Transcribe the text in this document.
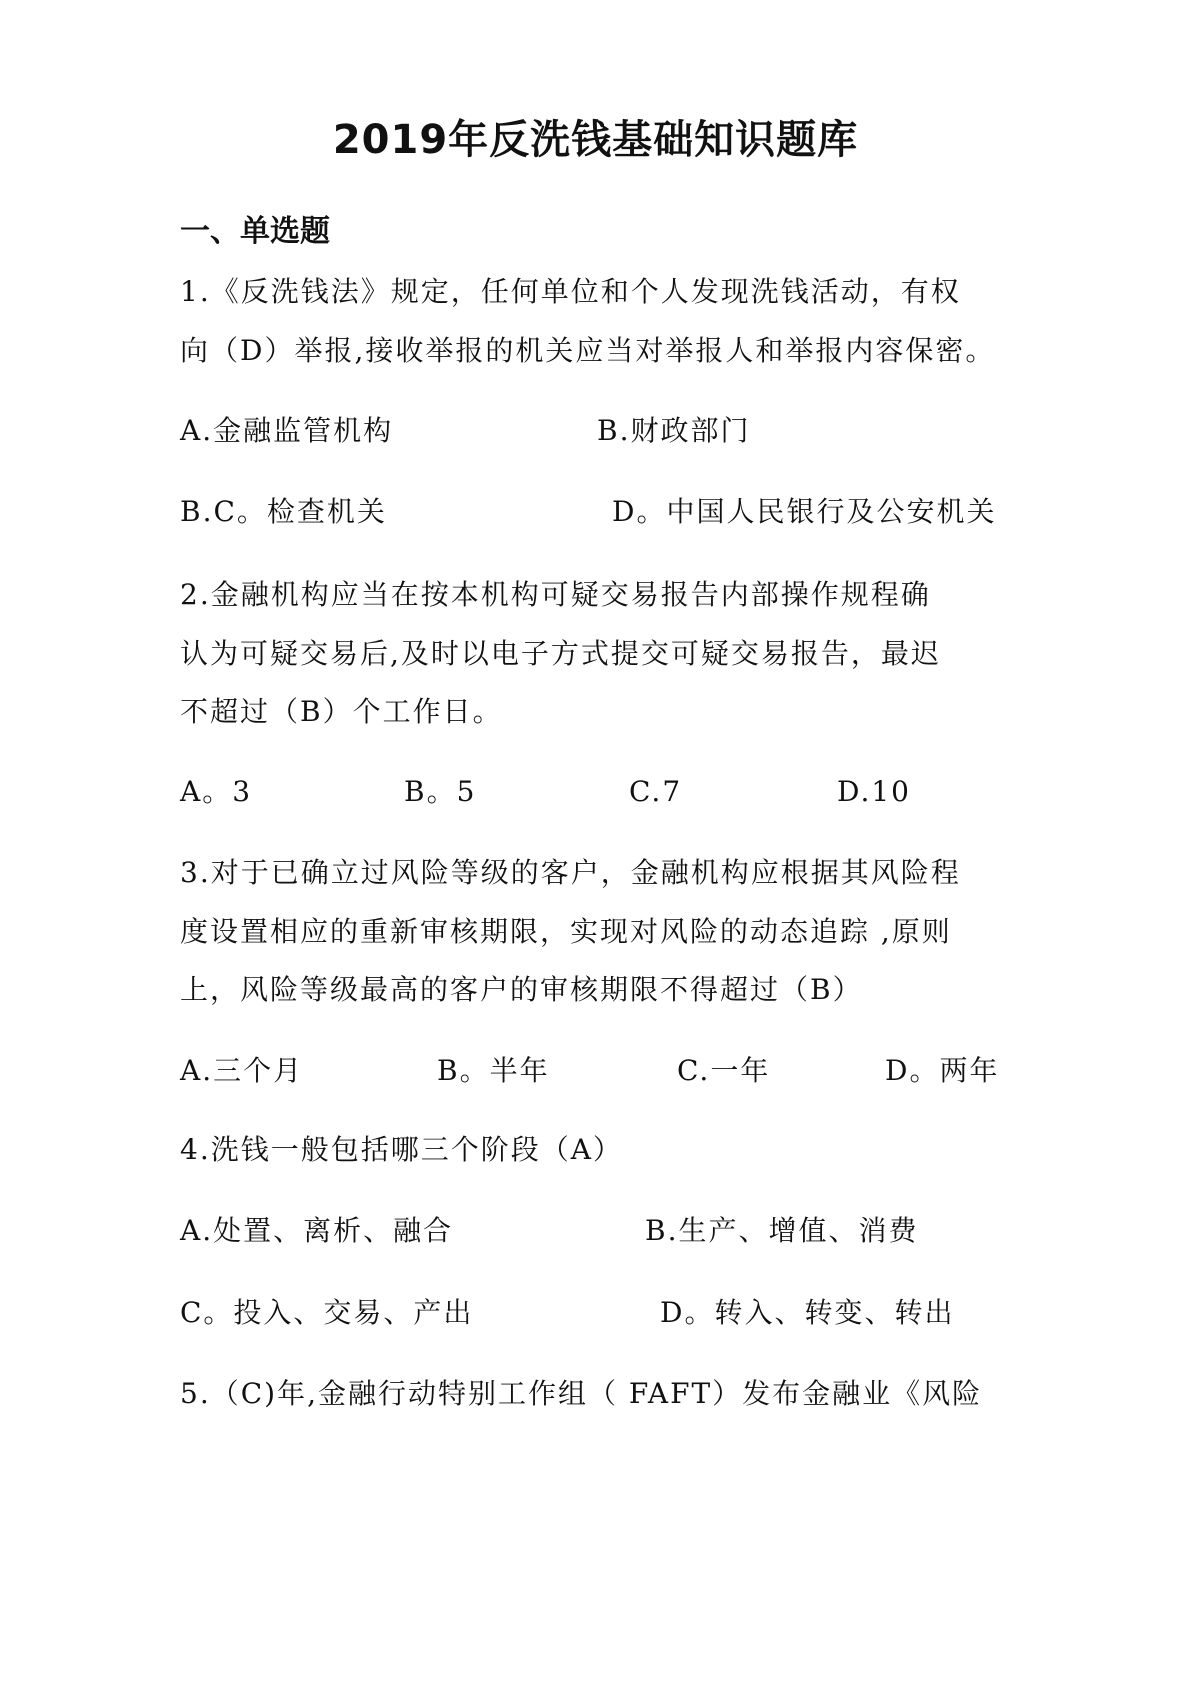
2019年反洗钱基础知识题库
一、单选题
1.《反洗钱法》规定，任何单位和个人发现洗钱活动，有权
向（D）举报,接收举报的机关应当对举报人和举报内容保密。
A.金融监管机构	B.财政部门
B.C。检查机关	D。中国人民银行及公安机关
2.金融机构应当在按本机构可疑交易报告内部操作规程确
认为可疑交易后,及时以电子方式提交可疑交易报告，最迟
不超过（B）个工作日。
A。3	B。5	C.7	D.10
3.对于已确立过风险等级的客户，金融机构应根据其风险程
度设置相应的重新审核期限，实现对风险的动态追踪 ,原则
上，风险等级最高的客户的审核期限不得超过（B）
A.三个月	B。半年	C.一年	D。两年
4.洗钱一般包括哪三个阶段（A）
A.处置、离析、融合	B.生产、增值、消费
C。投入、交易、产出	D。转入、转变、转出
5.（C)年,金融行动特别工作组（ FAFT）发布金融业《风险
